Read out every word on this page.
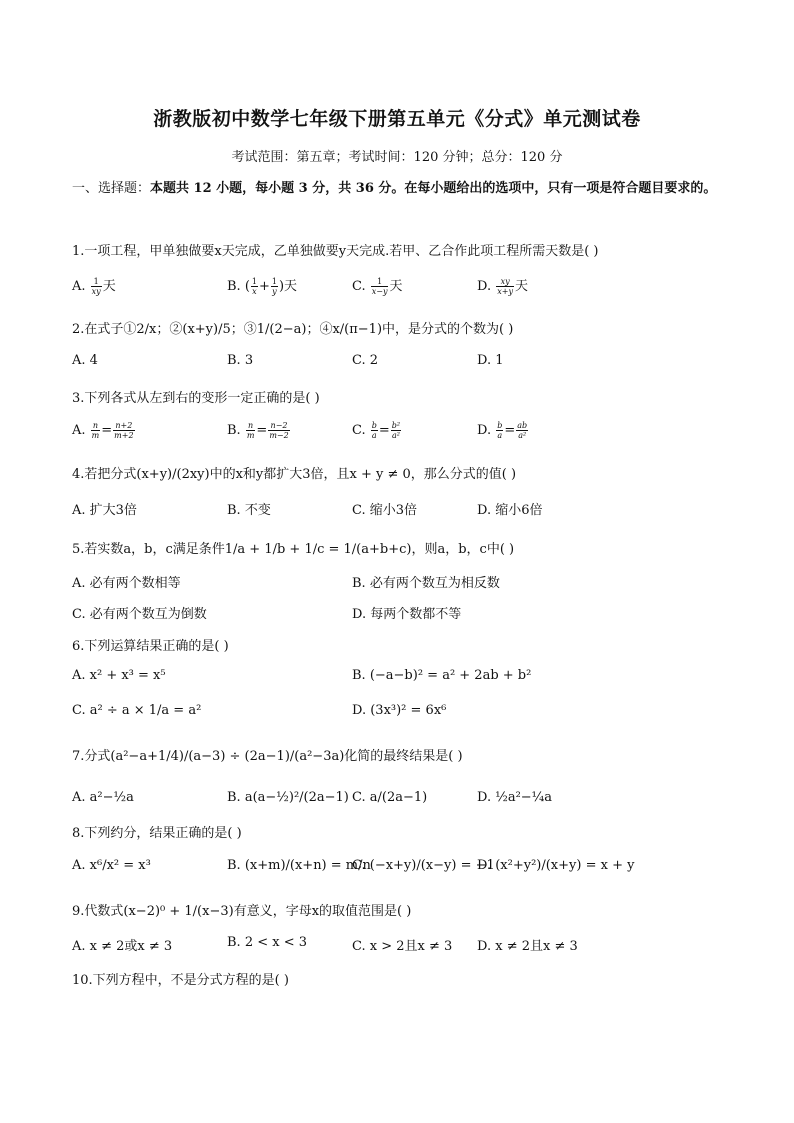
浙教版初中数学七年级下册第五单元《分式》单元测试卷
考试范围：第五章；考试时间：120 分钟；总分：120 分
一、选择题：本题共 12 小题，每小题 3 分，共 36 分。在每小题给出的选项中，只有一项是符合题目要求的。
1.一项工程，甲单独做要x天完成，乙单独做要y天完成.若甲、乙合作此项工程所需天数是( )
A. $\frac{1}{xy}$ 天	B. ( $\frac{1}{x} + \frac{1}{y}$ )天	C. $\frac{1}{x-y}$ 天	D. $\frac{xy}{x+y}$ 天
2.在式子①2/x；②(x+y)/5；③1/(2−a)；④x/(π−1)中，是分式的个数为( )
A. 4	B. 3	C. 2	D. 1
3.下列各式从左到右的变形一定正确的是( )
A. $\frac{n}{m} = \frac{n+2}{m+2}$	B. $\frac{n}{m} = \frac{n-2}{m-2}$	C. $\frac{b}{a} = \frac{\text{b²}}{\text{a²}}$	D. $\frac{b}{a} = \frac{ab}{\text{a²}}$
4.若把分式(x+y)/(2xy)中的x和y都扩大3倍，且x + y ≠ 0，那么分式的值( )
A. 扩大3倍	B. 不变	C. 缩小3倍	D. 缩小6倍
5.若实数a，b，c满足条件1/a + 1/b + 1/c = 1/(a+b+c)，则a，b，c中( )
A. 必有两个数相等	B. 必有两个数互为相反数
C. 必有两个数互为倒数	D. 每两个数都不等
6.下列运算结果正确的是( )
A. x² + x³ = x⁵	B. (−a−b)² = a² + 2ab + b²
C. a² ÷ a × 1/a = a²	D. (3x³)² = 6x⁶
7.分式(a²−a+1/4)/(a−3) ÷ (2a−1)/(a²−3a)化简的最终结果是( )
A. a²−½a	B. a(a−½)²/(2a−1) C. a/(2a−1)	D. ½a²−¼a
8.下列约分，结果正确的是( )
A. x⁶/x² = x³	B. (x+m)/(x+n) = m/n
C. (−x+y)/(x−y) = −1
D. (x²+y²)/(x+y) = x + y
9.代数式(x−2)⁰ + 1/(x−3)有意义，字母x的取值范围是( )
A. x ≠ 2或x ≠ 3	B. 2 < x < 3	C. x > 2且x ≠ 3 D. x ≠ 2且x ≠ 3
10.下列方程中，不是分式方程的是( )
